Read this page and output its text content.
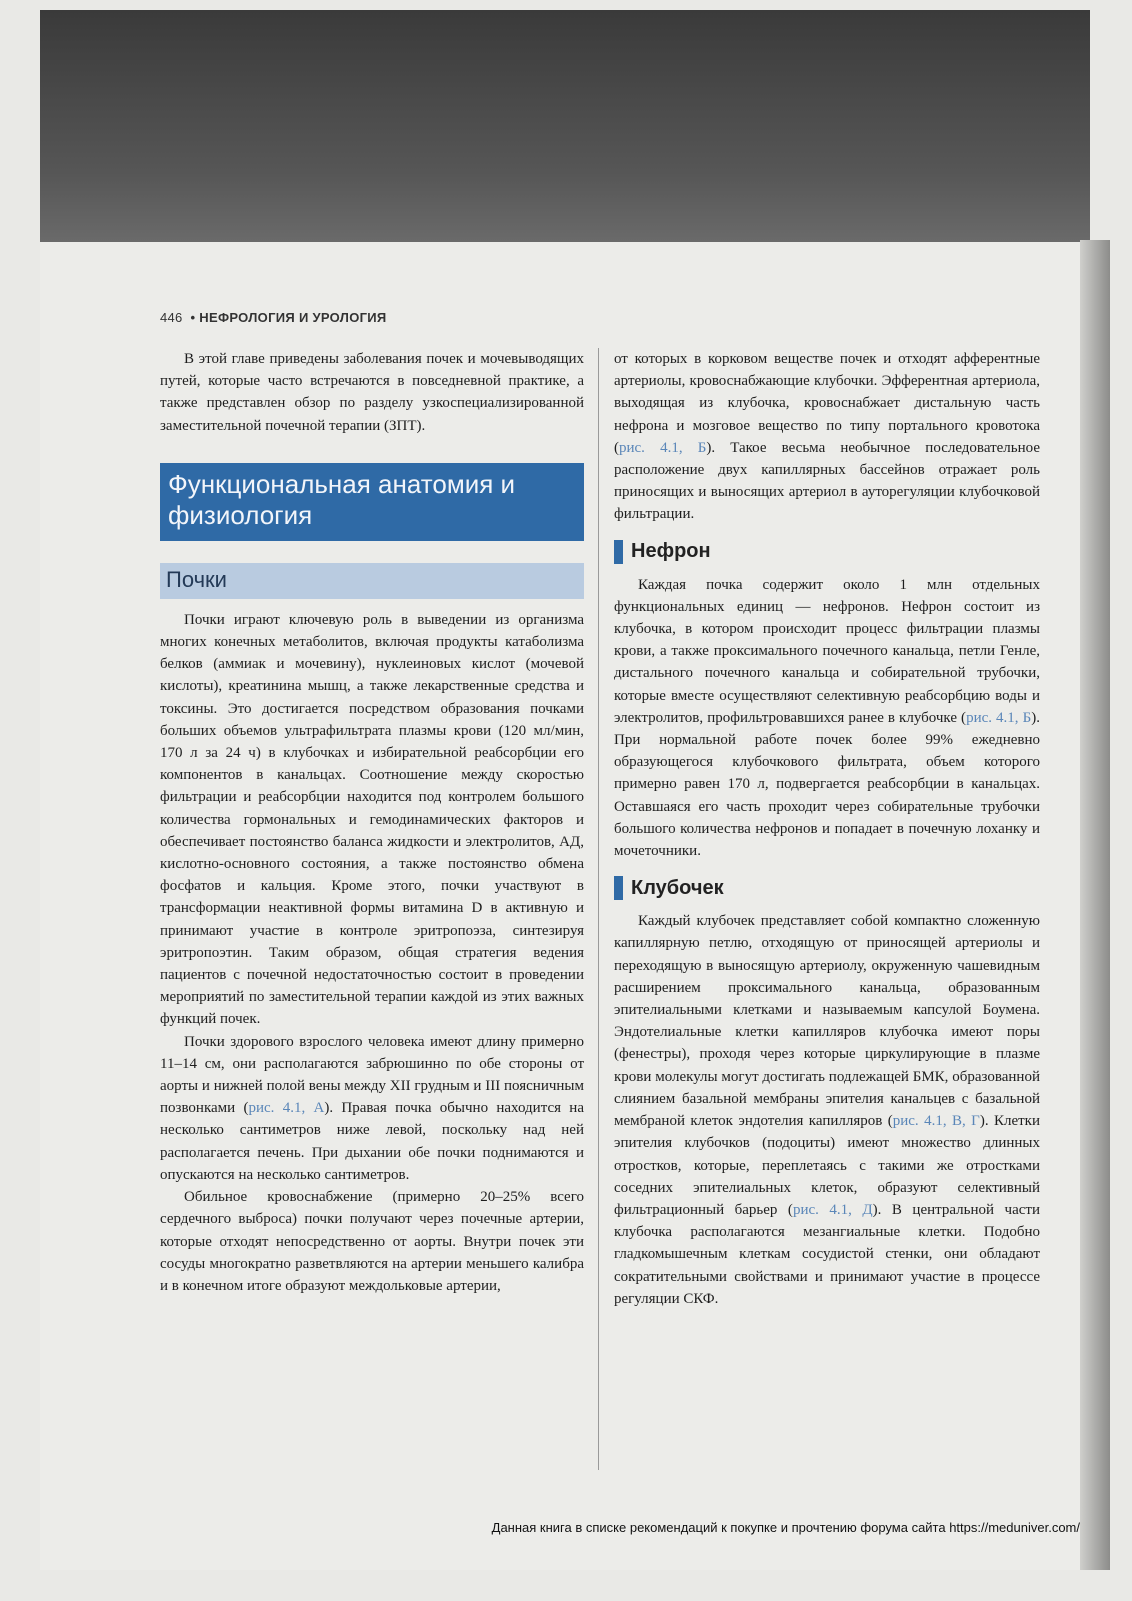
446 • НЕФРОЛОГИЯ И УРОЛОГИЯ

В этой главе приведены заболевания почек и мочевыводящих путей, которые часто встречаются в повседневной практике, а также представлен обзор по разделу узкоспециализированной заместительной почечной терапии (ЗПТ).

Функциональная анатомия и физиология
Почки

Почки играют ключевую роль в выведении из организма многих конечных метаболитов, включая продукты катаболизма белков (аммиак и мочевину), нуклеиновых кислот (мочевой кислоты), креатинина мышц, а также лекарственные средства и токсины. Это достигается посредством образования почками больших объемов ультрафильтрата плазмы крови (120 мл/мин, 170 л за 24 ч) в клубочках и избирательной реабсорбции его компонентов в канальцах. Соотношение между скоростью фильтрации и реабсорбции находится под контролем большого количества гормональных и гемодинамических факторов и обеспечивает постоянство баланса жидкости и электролитов, АД, кислотно-основного состояния, а также постоянство обмена фосфатов и кальция. Кроме этого, почки участвуют в трансформации неактивной формы витамина D в активную и принимают участие в контроле эритропоэза, синтезируя эритропоэтин. Таким образом, общая стратегия ведения пациентов с почечной недостаточностью состоит в проведении мероприятий по заместительной терапии каждой из этих важных функций почек.

Почки здорового взрослого человека имеют длину примерно 11–14 см, они располагаются забрюшинно по обе стороны от аорты и нижней полой вены между XII грудным и III поясничным позвонками (рис. 4.1, А). Правая почка обычно находится на несколько сантиметров ниже левой, поскольку над ней располагается печень. При дыхании обе почки поднимаются и опускаются на несколько сантиметров.

Обильное кровоснабжение (примерно 20–25% всего сердечного выброса) почки получают через почечные артерии, которые отходят непосредственно от аорты. Внутри почек эти сосуды многократно разветвляются на артерии меньшего калибра и в конечном итоге образуют междольковые артерии,

от которых в корковом веществе почек и отходят афферентные артериолы, кровоснабжающие клубочки. Эфферентная артериола, выходящая из клубочка, кровоснабжает дистальную часть нефрона и мозговое вещество по типу портального кровотока (рис. 4.1, Б). Такое весьма необычное последовательное расположение двух капиллярных бассейнов отражает роль приносящих и выносящих артериол в ауторегуляции клубочковой фильтрации.

Нефрон

Каждая почка содержит около 1 млн отдельных функциональных единиц — нефронов. Нефрон состоит из клубочка, в котором происходит процесс фильтрации плазмы крови, а также проксимального почечного канальца, петли Генле, дистального почечного канальца и собирательной трубочки, которые вместе осуществляют селективную реабсорбцию воды и электролитов, профильтровавшихся ранее в клубочке (рис. 4.1, Б). При нормальной работе почек более 99% ежедневно образующегося клубочкового фильтрата, объем которого примерно равен 170 л, подвергается реабсорбции в канальцах. Оставшаяся его часть проходит через собирательные трубочки большого количества нефронов и попадает в почечную лоханку и мочеточники.

Клубочек

Каждый клубочек представляет собой компактно сложенную капиллярную петлю, отходящую от приносящей артериолы и переходящую в выносящую артериолу, окруженную чашевидным расширением проксимального канальца, образованным эпителиальными клетками и называемым капсулой Боумена. Эндотелиальные клетки капилляров клубочка имеют поры (фенестры), проходя через которые циркулирующие в плазме крови молекулы могут достигать подлежащей БМК, образованной слиянием базальной мембраны эпителия канальцев с базальной мембраной клеток эндотелия капилляров (рис. 4.1, В, Г). Клетки эпителия клубочков (подоциты) имеют множество длинных отростков, которые, переплетаясь с такими же отростками соседних эпителиальных клеток, образуют селективный фильтрационный барьер (рис. 4.1, Д). В центральной части клубочка располагаются мезангиальные клетки. Подобно гладкомышечным клеткам сосудистой стенки, они обладают сократительными свойствами и принимают участие в процессе регуляции СКФ.

Данная книга в списке рекомендаций к покупке и прочтению форума сайта https://meduniver.com/
